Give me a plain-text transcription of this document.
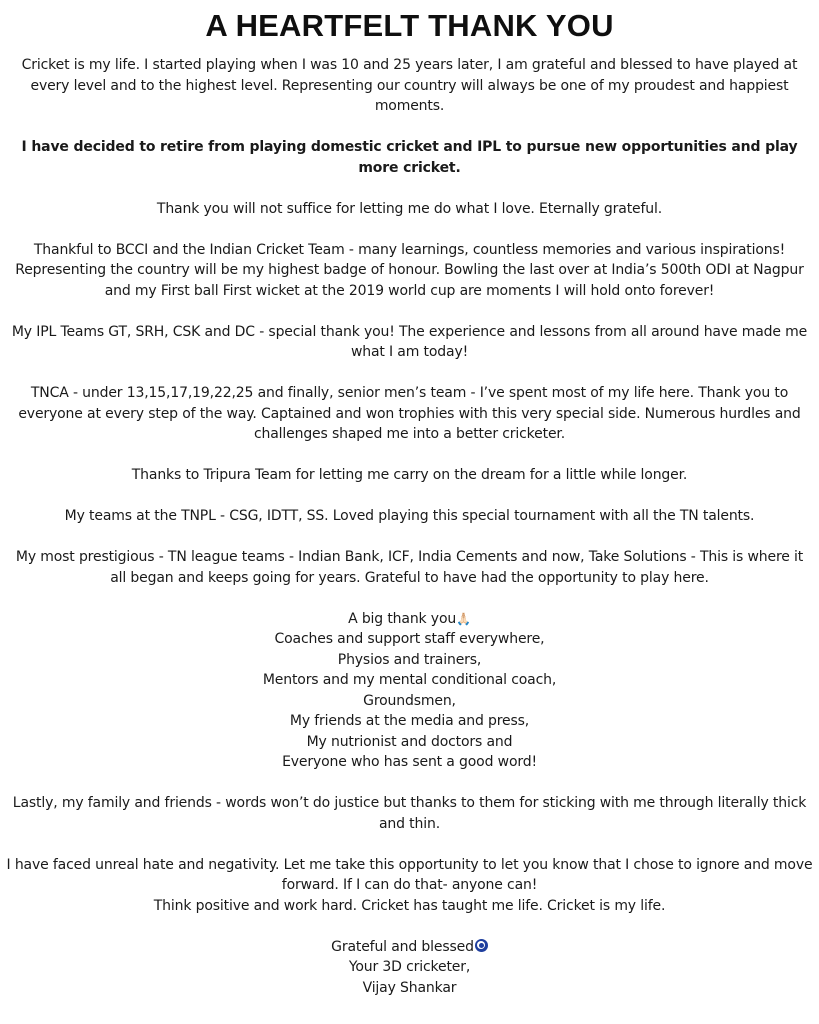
A HEARTFELT THANK YOU

Cricket is my life. I started playing when I was 10 and 25 years later, I am grateful and blessed to have played at every level and to the highest level. Representing our country will always be one of my proudest and happiest moments.

I have decided to retire from playing domestic cricket and IPL to pursue new opportunities and play more cricket.

Thank you will not suffice for letting me do what I love. Eternally grateful.

Thankful to BCCI and the Indian Cricket Team - many learnings, countless memories and various inspirations! Representing the country will be my highest badge of honour. Bowling the last over at India’s 500th ODI at Nagpur and my First ball First wicket at the 2019 world cup are moments I will hold onto forever!

My IPL Teams GT, SRH, CSK and DC - special thank you! The experience and lessons from all around have made me what I am today!

TNCA - under 13,15,17,19,22,25 and finally, senior men’s team - I’ve spent most of my life here. Thank you to everyone at every step of the way. Captained and won trophies with this very special side. Numerous hurdles and challenges shaped me into a better cricketer.

Thanks to Tripura Team for letting me carry on the dream for a little while longer.

My teams at the TNPL - CSG, IDTT, SS. Loved playing this special tournament with all the TN talents.

My most prestigious - TN league teams - Indian Bank, ICF, India Cements and now, Take Solutions - This is where it all began and keeps going for years. Grateful to have had the opportunity to play here.

A big thank you🙏🏻
Coaches and support staff everywhere,
Physios and trainers,
Mentors and my mental conditional coach,
Groundsmen,
My friends at the media and press,
My nutrionist and doctors and
Everyone who has sent a good word!

Lastly, my family and friends - words won’t do justice but thanks to them for sticking with me through literally thick and thin.

I have faced unreal hate and negativity. Let me take this opportunity to let you know that I chose to ignore and move forward. If I can do that- anyone can!
Think positive and work hard. Cricket has taught me life. Cricket is my life.
Grateful and blessed
Your 3D cricketer,
Vijay Shankar
